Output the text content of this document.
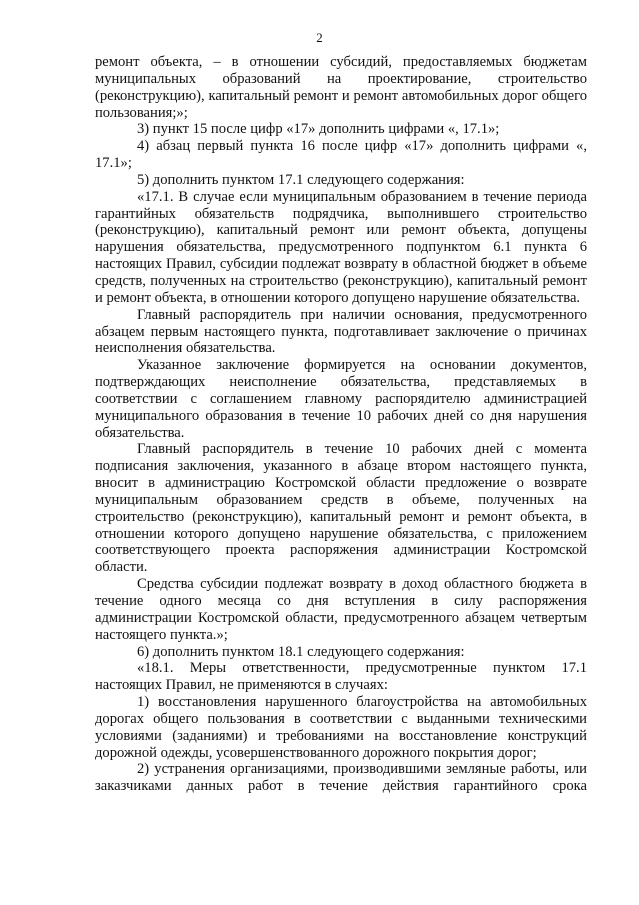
2

ремонт объекта, – в отношении субсидий, предоставляемых бюджетам муниципальных образований на проектирование, строительство (реконструкцию), капитальный ремонт и ремонт автомобильных дорог общего пользования;»;

3) пункт 15 после цифр «17» дополнить цифрами «, 17.1»;

4) абзац первый пункта 16 после цифр «17» дополнить цифрами «, 17.1»;

5) дополнить пунктом 17.1 следующего содержания:

«17.1. В случае если муниципальным образованием в течение периода гарантийных обязательств подрядчика, выполнившего строительство (реконструкцию), капитальный ремонт или ремонт объекта, допущены нарушения обязательства, предусмотренного подпунктом 6.1 пункта 6 настоящих Правил, субсидии подлежат возврату в областной бюджет в объеме средств, полученных на строительство (реконструкцию), капитальный ремонт и ремонт объекта, в отношении которого допущено нарушение обязательства.

Главный распорядитель при наличии основания, предусмотренного абзацем первым настоящего пункта, подготавливает заключение о причинах неисполнения обязательства.

Указанное заключение формируется на основании документов, подтверждающих неисполнение обязательства, представляемых в соответствии с соглашением главному распорядителю администрацией муниципального образования в течение 10 рабочих дней со дня нарушения обязательства.

Главный распорядитель в течение 10 рабочих дней с момента подписания заключения, указанного в абзаце втором настоящего пункта, вносит в администрацию Костромской области предложение о возврате муниципальным образованием средств в объеме, полученных на строительство (реконструкцию), капитальный ремонт и ремонт объекта, в отношении которого допущено нарушение обязательства, с приложением соответствующего проекта распоряжения администрации Костромской области.

Средства субсидии подлежат возврату в доход областного бюджета в течение одного месяца со дня вступления в силу распоряжения администрации Костромской области, предусмотренного абзацем четвертым настоящего пункта.»;

6) дополнить пунктом 18.1 следующего содержания:

«18.1. Меры ответственности, предусмотренные пунктом 17.1 настоящих Правил, не применяются в случаях:

1) восстановления нарушенного благоустройства на автомобильных дорогах общего пользования в соответствии с выданными техническими условиями (заданиями) и требованиями на восстановление конструкций дорожной одежды, усовершенствованного дорожного покрытия дорог;

2) устранения организациями, производившими земляные работы, или заказчиками данных работ в течение действия гарантийного срока
